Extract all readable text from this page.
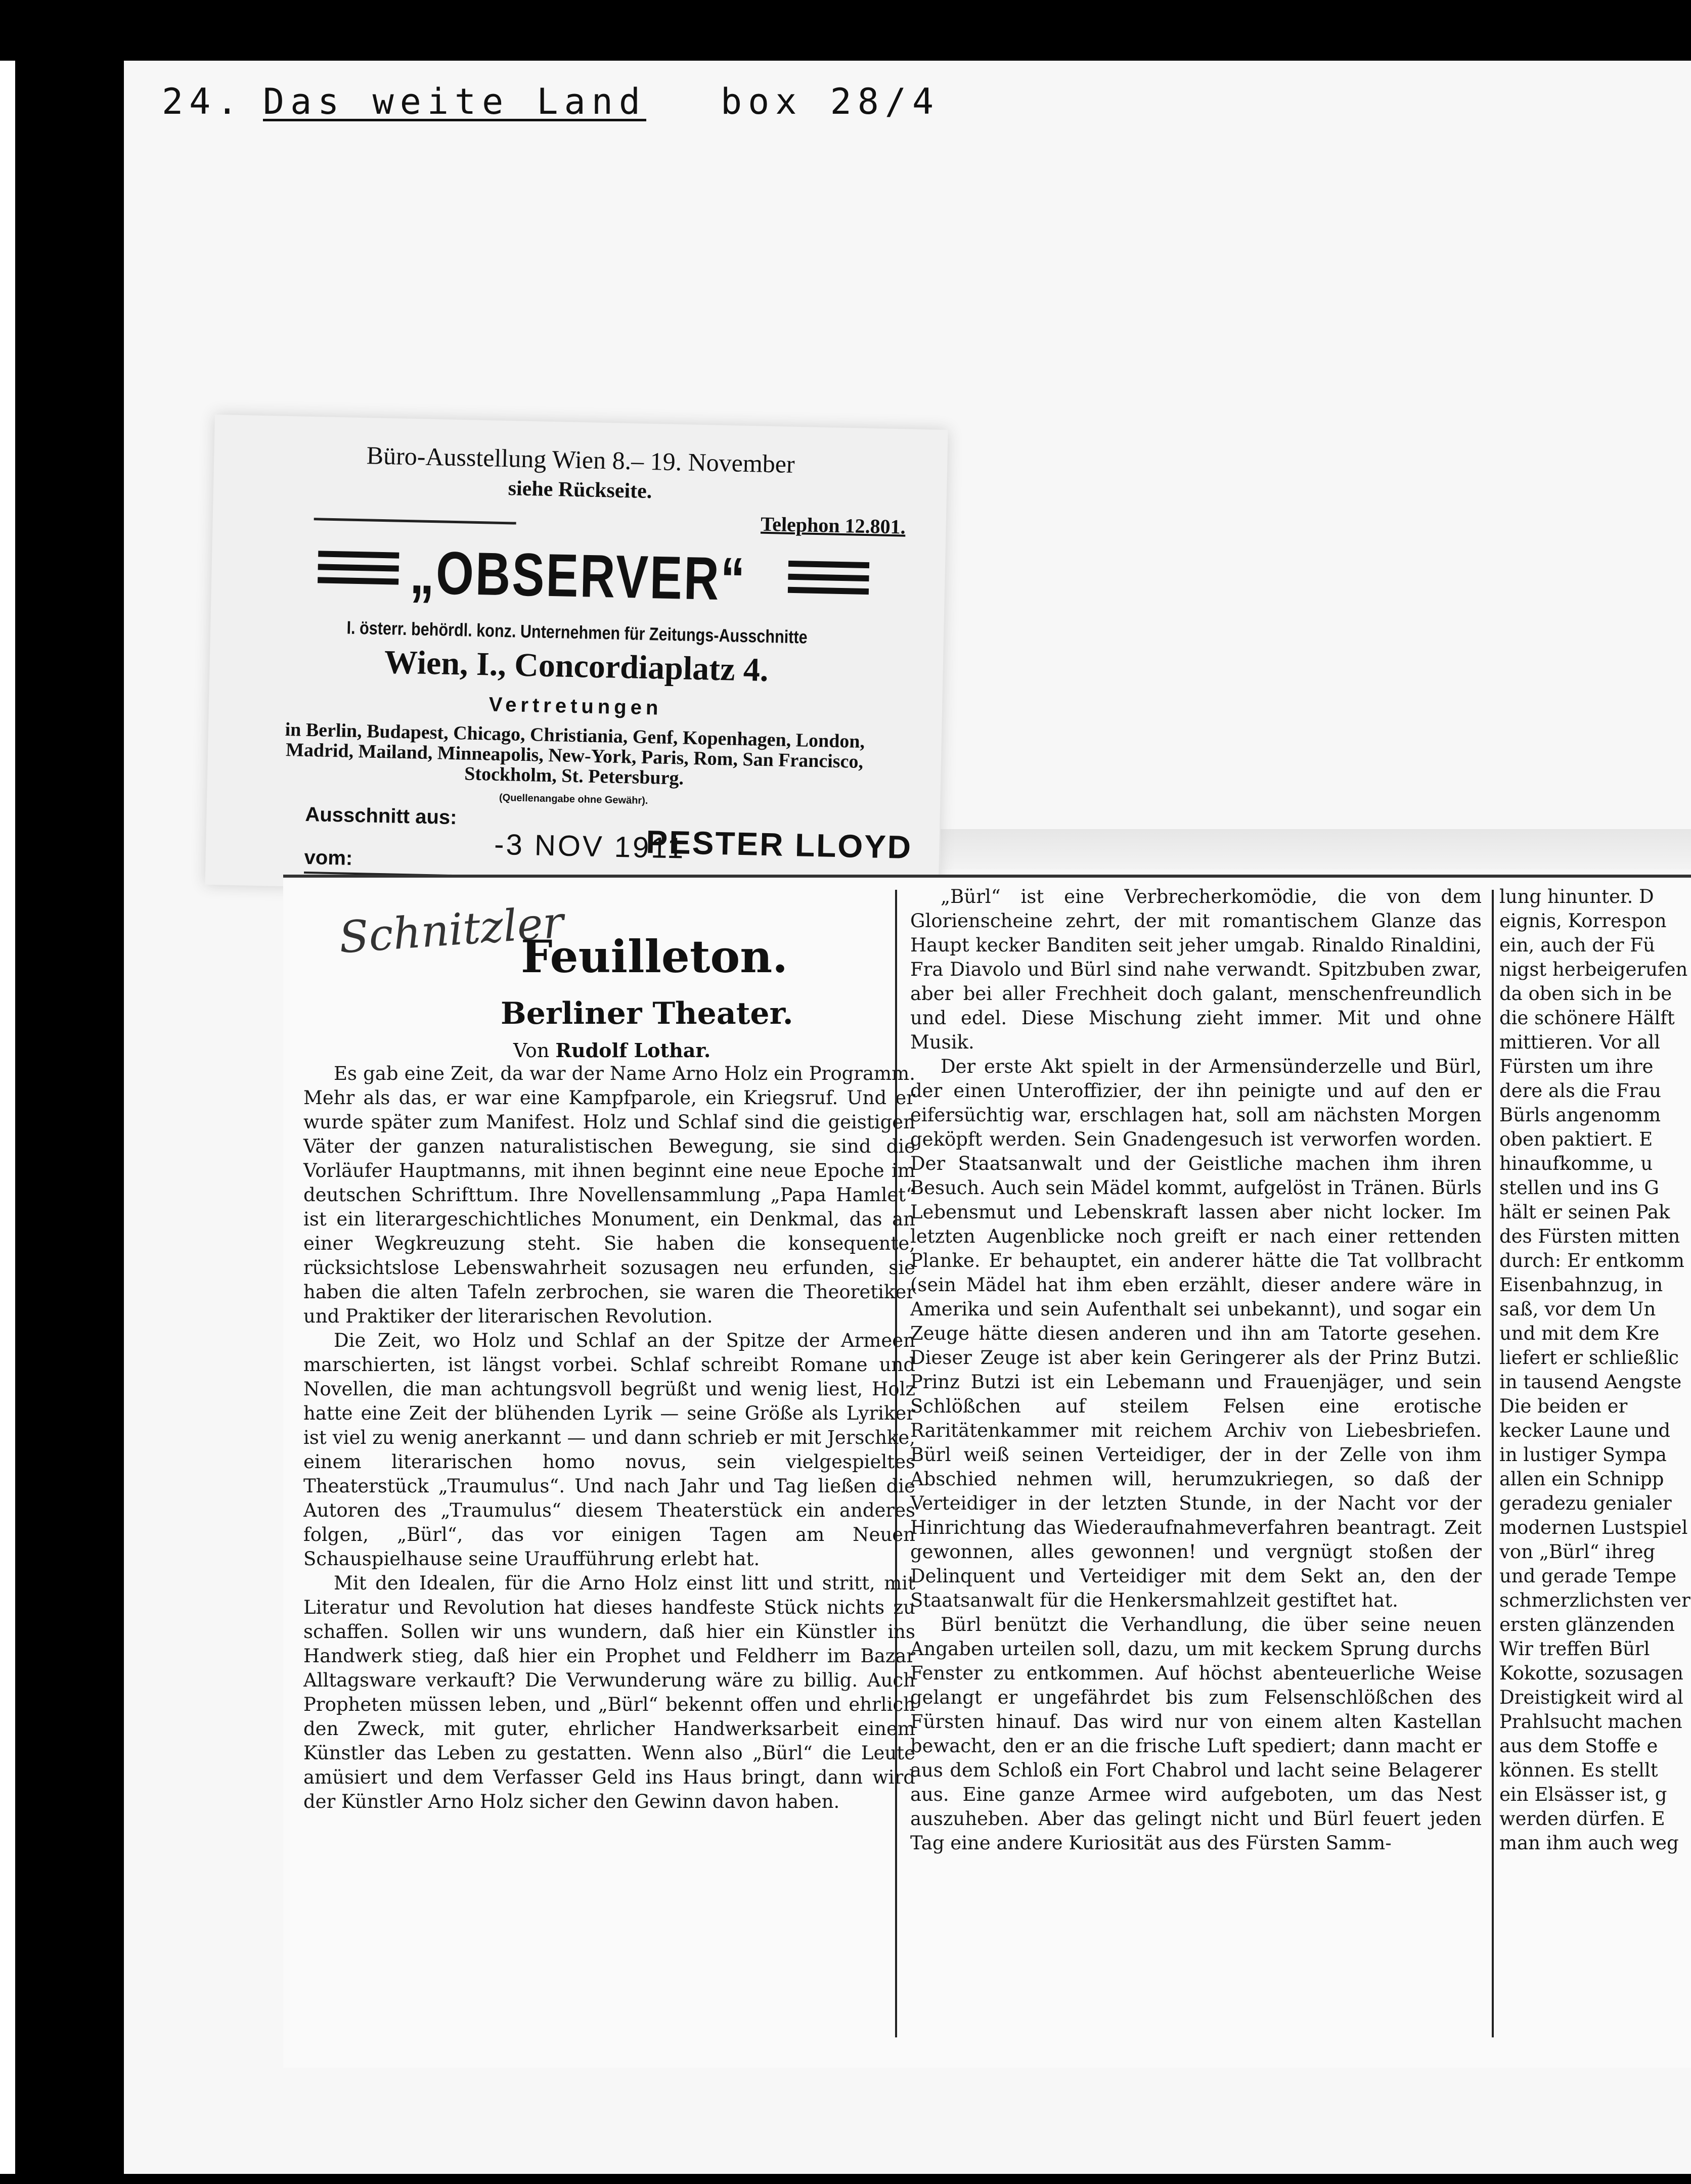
24. Das weite Land box 28/4
Büro-Ausstellung Wien 8.– 19. November
siehe Rückseite.
Telephon 12.801.
„OBSERVER“
I. österr. behördl. konz. Unternehmen für Zeitungs-Ausschnitte
Wien, I., Concordiaplatz 4.
Vertretungen
in Berlin, Budapest, Chicago, Christiania, Genf, Kopenhagen, London, Madrid, Mailand, Minneapolis, New-York, Paris, Rom, San Francisco, Stockholm, St. Petersburg.
(Quellenangabe ohne Gewähr).
Ausschnitt aus:
PESTER LLOYD
-3 NOV 1911
vom:
Schnitzler
Feuilleton.
Berliner Theater.
Von Rudolf Lothar.

Es gab eine Zeit, da war der Name Arno Holz ein Programm. Mehr als das, er war eine Kampfparole, ein Kriegsruf. Und er wurde später zum Manifest. Holz und Schlaf sind die geistigen Väter der ganzen naturalistischen Bewegung, sie sind die Vorläufer Hauptmanns, mit ihnen beginnt eine neue Epoche im deutschen Schrifttum. Ihre Novellensammlung „Papa Hamlet“ ist ein literargeschichtliches Monument, ein Denkmal, das an einer Wegkreuzung steht. Sie haben die konsequente, rücksichtslose Lebenswahrheit sozusagen neu erfunden, sie haben die alten Tafeln zerbrochen, sie waren die Theoretiker und Praktiker der literarischen Revolution.

Die Zeit, wo Holz und Schlaf an der Spitze der Armeen marschierten, ist längst vorbei. Schlaf schreibt Romane und Novellen, die man achtungsvoll begrüßt und wenig liest, Holz hatte eine Zeit der blühenden Lyrik — seine Größe als Lyriker ist viel zu wenig anerkannt — und dann schrieb er mit Jerschke, einem literarischen homo novus, sein vielgespieltes Theaterstück „Traumulus“. Und nach Jahr und Tag ließen die Autoren des „Traumulus“ diesem Theaterstück ein anderes folgen, „Bürl“, das vor einigen Tagen am Neuen Schauspielhause seine Uraufführung erlebt hat.

Mit den Idealen, für die Arno Holz einst litt und stritt, mit Literatur und Revolution hat dieses handfeste Stück nichts zu schaffen. Sollen wir uns wundern, daß hier ein Künstler ins Handwerk stieg, daß hier ein Prophet und Feldherr im Bazar Alltagsware verkauft? Die Verwunderung wäre zu billig. Auch Propheten müssen leben, und „Bürl“ bekennt offen und ehrlich den Zweck, mit guter, ehrlicher Handwerksarbeit einem Künstler das Leben zu gestatten. Wenn also „Bürl“ die Leute amüsiert und dem Verfasser Geld ins Haus bringt, dann wird der Künstler Arno Holz sicher den Gewinn davon haben.

„Bürl“ ist eine Verbrecherkomödie, die von dem Glorienscheine zehrt, der mit romantischem Glanze das Haupt kecker Banditen seit jeher umgab. Rinaldo Rinaldini, Fra Diavolo und Bürl sind nahe verwandt. Spitzbuben zwar, aber bei aller Frechheit doch galant, menschenfreundlich und edel. Diese Mischung zieht immer. Mit und ohne Musik.

Der erste Akt spielt in der Armensünderzelle und Bürl, der einen Unteroffizier, der ihn peinigte und auf den er eifersüchtig war, erschlagen hat, soll am nächsten Morgen geköpft werden. Sein Gnadengesuch ist verworfen worden. Der Staatsanwalt und der Geistliche machen ihm ihren Besuch. Auch sein Mädel kommt, aufgelöst in Tränen. Bürls Lebensmut und Lebenskraft lassen aber nicht locker. Im letzten Augenblicke noch greift er nach einer rettenden Planke. Er behauptet, ein anderer hätte die Tat vollbracht (sein Mädel hat ihm eben erzählt, dieser andere wäre in Amerika und sein Aufenthalt sei unbekannt), und sogar ein Zeuge hätte diesen anderen und ihn am Tatorte gesehen. Dieser Zeuge ist aber kein Geringerer als der Prinz Butzi. Prinz Butzi ist ein Lebemann und Frauenjäger, und sein Schlößchen auf steilem Felsen eine erotische Raritätenkammer mit reichem Archiv von Liebesbriefen. Bürl weiß seinen Verteidiger, der in der Zelle von ihm Abschied nehmen will, herumzukriegen, so daß der Verteidiger in der letzten Stunde, in der Nacht vor der Hinrichtung das Wiederaufnahmeverfahren beantragt. Zeit gewonnen, alles gewonnen! und vergnügt stoßen der Delinquent und Verteidiger mit dem Sekt an, den der Staatsanwalt für die Henkersmahlzeit gestiftet hat.

Bürl benützt die Verhandlung, die über seine neuen Angaben urteilen soll, dazu, um mit keckem Sprung durchs Fenster zu entkommen. Auf höchst abenteuerliche Weise gelangt er ungefährdet bis zum Felsenschlößchen des Fürsten hinauf. Das wird nur von einem alten Kastellan bewacht, den er an die frische Luft spediert; dann macht er aus dem Schloß ein Fort Chabrol und lacht seine Belagerer aus. Eine ganze Armee wird aufgeboten, um das Nest auszuheben. Aber das gelingt nicht und Bürl feuert jeden Tag eine andere Kuriosität aus des Fürsten Samm-

lung hinunter. D
eignis, Korrespon
ein, auch der Fü
nigst herbeigerufen
da oben sich in be
die schönere Hälft
mittieren. Vor all
Fürsten um ihre
dere als die Frau
Bürls angenomm
oben paktiert. E
hinaufkomme, u
stellen und ins G
hält er seinen Pak
des Fürsten mitten
durch: Er entkomm
Eisenbahnzug, in
saß, vor dem Un
und mit dem Kre
liefert er schließlic
in tausend Aengste
Die beiden er
kecker Laune und
in lustiger Sympa
allen ein Schnipp
geradezu genialer
modernen Lustspiel
von „Bürl“ ihreg
und gerade Tempe
schmerzlichsten ver
ersten glänzenden
Wir treffen Bürl
Kokotte, sozusagen
Dreistigkeit wird al
Prahlsucht machen
aus dem Stoffe e
können. Es stellt
ein Elsässer ist, g
werden dürfen. E
man ihm auch weg
